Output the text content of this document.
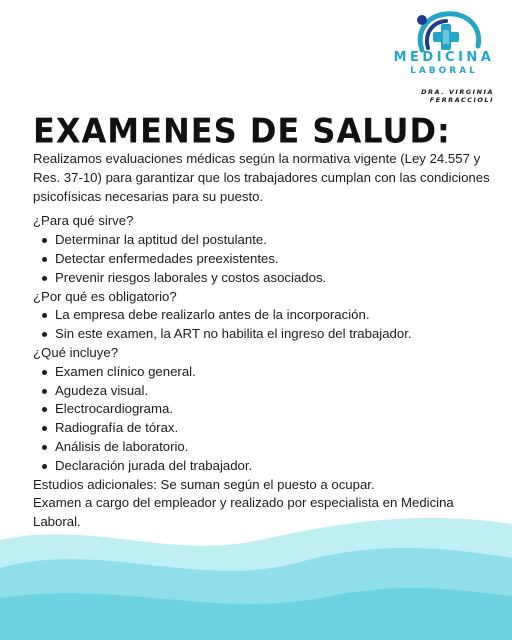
MEDICINA
LABORAL
DRA. VIRGINIA
FERRACCIOLI
EXAMENES DE SALUD:

Realizamos evaluaciones médicas según la normativa vigente (Ley 24.557 y Res. 37-10) para garantizar que los trabajadores cumplan con las condiciones psicofísicas necesarias para su puesto.

¿Para qué sirve?

Determinar la aptitud del postulante.
Detectar enfermedades preexistentes.
Prevenir riesgos laborales y costos asociados.

¿Por qué es obligatorio?

La empresa debe realizarlo antes de la incorporación.
Sin este examen, la ART no habilita el ingreso del trabajador.

¿Qué incluye?

Examen clínico general.
Agudeza visual.
Electrocardiograma.
Radiografía de tórax.
Análisis de laboratorio.
Declaración jurada del trabajador.

Estudios adicionales: Se suman según el puesto a ocupar.

Examen a cargo del empleador y realizado por especialista en Medicina Laboral.
